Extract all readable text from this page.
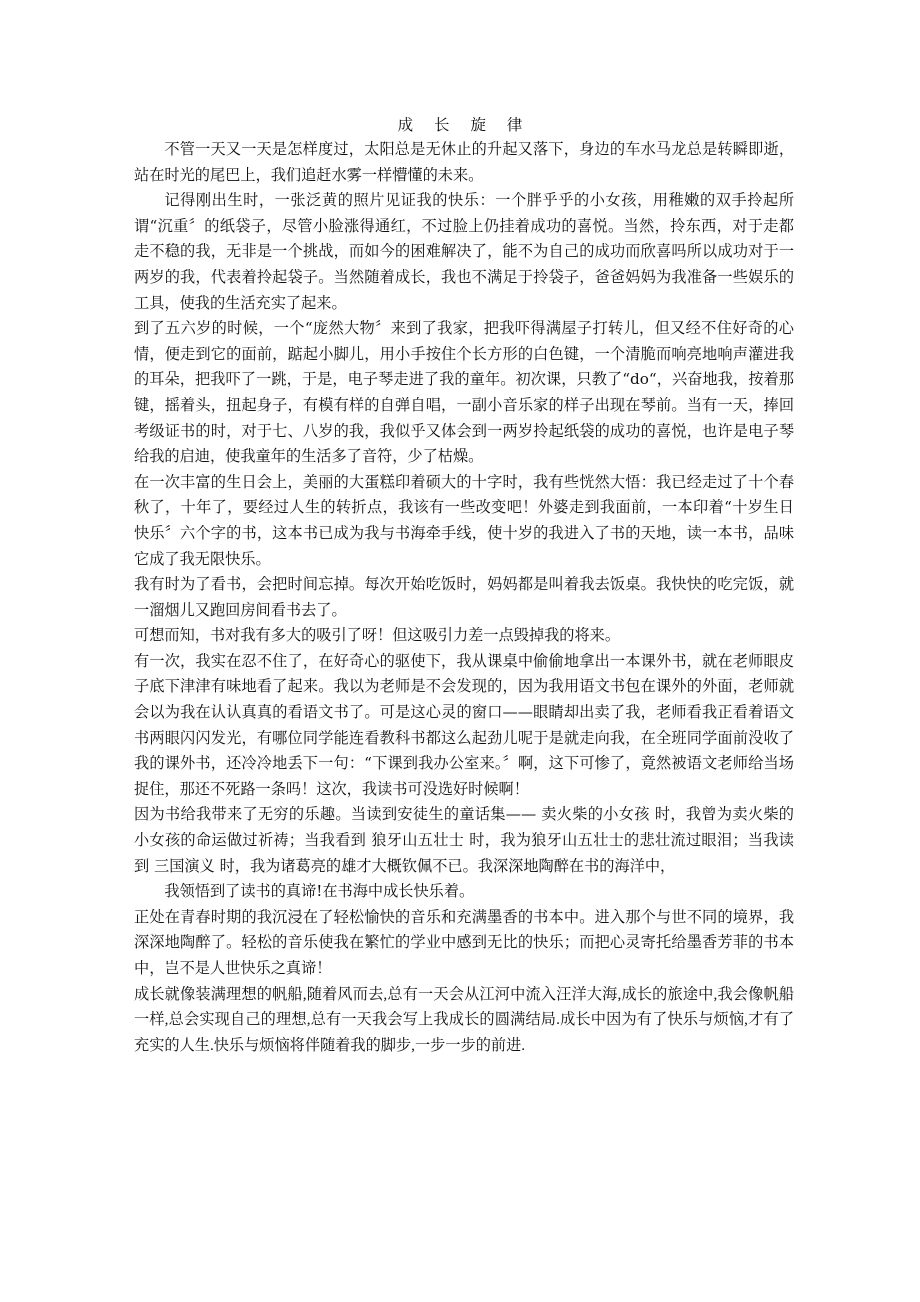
成 长 旋 律

不管一天又一天是怎样度过，太阳总是无休止的升起又落下，身边的车水马龙总是转瞬即逝，站在时光的尾巴上，我们追赶水雾一样懵懂的未来。

记得刚出生时，一张泛黄的照片见证我的快乐：一个胖乎乎的小女孩，用稚嫩的双手拎起所谓“沉重〞的纸袋子，尽管小脸涨得通红，不过脸上仍挂着成功的喜悦。当然，拎东西，对于走都走不稳的我，无非是一个挑战，而如今的困难解决了，能不为自己的成功而欣喜吗所以成功对于一两岁的我，代表着拎起袋子。当然随着成长，我也不满足于拎袋子，爸爸妈妈为我准备一些娱乐的工具，使我的生活充实了起来。

到了五六岁的时候，一个“庞然大物〞来到了我家，把我吓得满屋子打转儿，但又经不住好奇的心情，便走到它的面前，踮起小脚儿，用小手按住个长方形的白色键，一个清脆而响亮地响声灌进我的耳朵，把我吓了一跳，于是，电子琴走进了我的童年。初次课，只教了“do“，兴奋地我，按着那键，摇着头，扭起身子，有模有样的自弹自唱，一副小音乐家的样子出现在琴前。当有一天，捧回考级证书的时，对于七、八岁的我，我似乎又体会到一两岁拎起纸袋的成功的喜悦，也许是电子琴给我的启迪，使我童年的生活多了音符，少了枯燥。

在一次丰富的生日会上，美丽的大蛋糕印着硕大的十字时，我有些恍然大悟：我已经走过了十个春秋了，十年了，要经过人生的转折点，我该有一些改变吧！外婆走到我面前，一本印着“十岁生日快乐〞六个字的书，这本书已成为我与书海牵手线，使十岁的我进入了书的天地，读一本书，品味它成了我无限快乐。

我有时为了看书，会把时间忘掉。每次开始吃饭时，妈妈都是叫着我去饭桌。我快快的吃完饭，就一溜烟儿又跑回房间看书去了。

可想而知，书对我有多大的吸引了呀！但这吸引力差一点毁掉我的将来。

有一次，我实在忍不住了，在好奇心的驱使下，我从课桌中偷偷地拿出一本课外书，就在老师眼皮子底下津津有味地看了起来。我以为老师是不会发现的，因为我用语文书包在课外的外面，老师就会以为我在认认真真的看语文书了。可是这心灵的窗口——眼睛却出卖了我，老师看我正看着语文书两眼闪闪发光，有哪位同学能连看教科书都这么起劲儿呢于是就走向我，在全班同学面前没收了我的课外书，还冷冷地丢下一句：“下课到我办公室来。〞啊，这下可惨了，竟然被语文老师给当场捉住，那还不死路一条吗！这次，我读书可没选好时候啊！

因为书给我带来了无穷的乐趣。当读到安徒生的童话集—— 卖火柴的小女孩 时，我曾为卖火柴的小女孩的命运做过祈祷；当我看到 狼牙山五壮士 时，我为狼牙山五壮士的悲壮流过眼泪；当我读到 三国演义 时，我为诸葛亮的雄才大概钦佩不已。我深深地陶醉在书的海洋中，

我领悟到了读书的真谛!在书海中成长快乐着。

正处在青春时期的我沉浸在了轻松愉快的音乐和充满墨香的书本中。进入那个与世不同的境界，我深深地陶醉了。轻松的音乐使我在繁忙的学业中感到无比的快乐；而把心灵寄托给墨香芳菲的书本中，岂不是人世快乐之真谛！

成长就像装满理想的帆船,随着风而去,总有一天会从江河中流入汪洋大海,成长的旅途中,我会像帆船一样,总会实现自己的理想,总有一天我会写上我成长的圆满结局.成长中因为有了快乐与烦恼,才有了充实的人生.快乐与烦恼将伴随着我的脚步,一步一步的前进.
